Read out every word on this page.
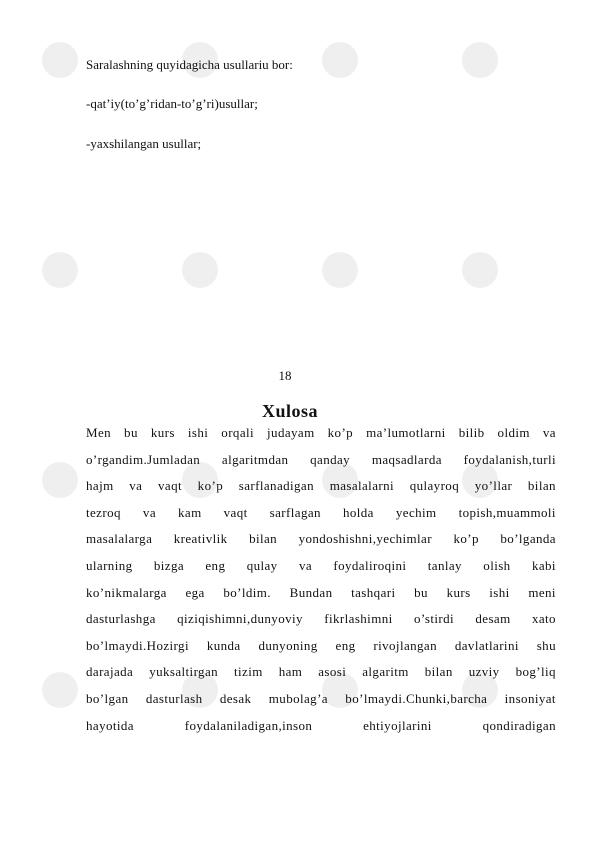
Saralashning quyidagicha usullariu bor:

-qat’iy(to’g’ridan-to’g’ri)usullar;

-yaxshilangan usullar;

18
Xulosa
Men bu kurs ishi orqali judayam ko’p ma’lumotlarni bilib oldim va
o’rgandim.Jumladan algaritmdan qanday maqsadlarda foydalanish,turli
hajm va vaqt ko’p sarflanadigan masalalarni qulayroq yo’llar bilan
tezroq va kam vaqt sarflagan holda yechim topish,muammoli
masalalarga kreativlik bilan yondoshishni,yechimlar ko’p bo’lganda
ularning bizga eng qulay va foydaliroqini tanlay olish kabi
ko’nikmalarga ega bo’ldim. Bundan tashqari bu kurs ishi meni
dasturlashga qiziqishimni,dunyoviy fikrlashimni o’stirdi desam xato
bo’lmaydi.Hozirgi kunda dunyoning eng rivojlangan davlatlarini shu
darajada yuksaltirgan tizim ham asosi algaritm bilan uzviy bog’liq
bo’lgan dasturlash desak mubolag’a bo’lmaydi.Chunki,barcha insoniyat
hayotida	foydalaniladigan,inson	ehtiyojlarini	qondiradigan
